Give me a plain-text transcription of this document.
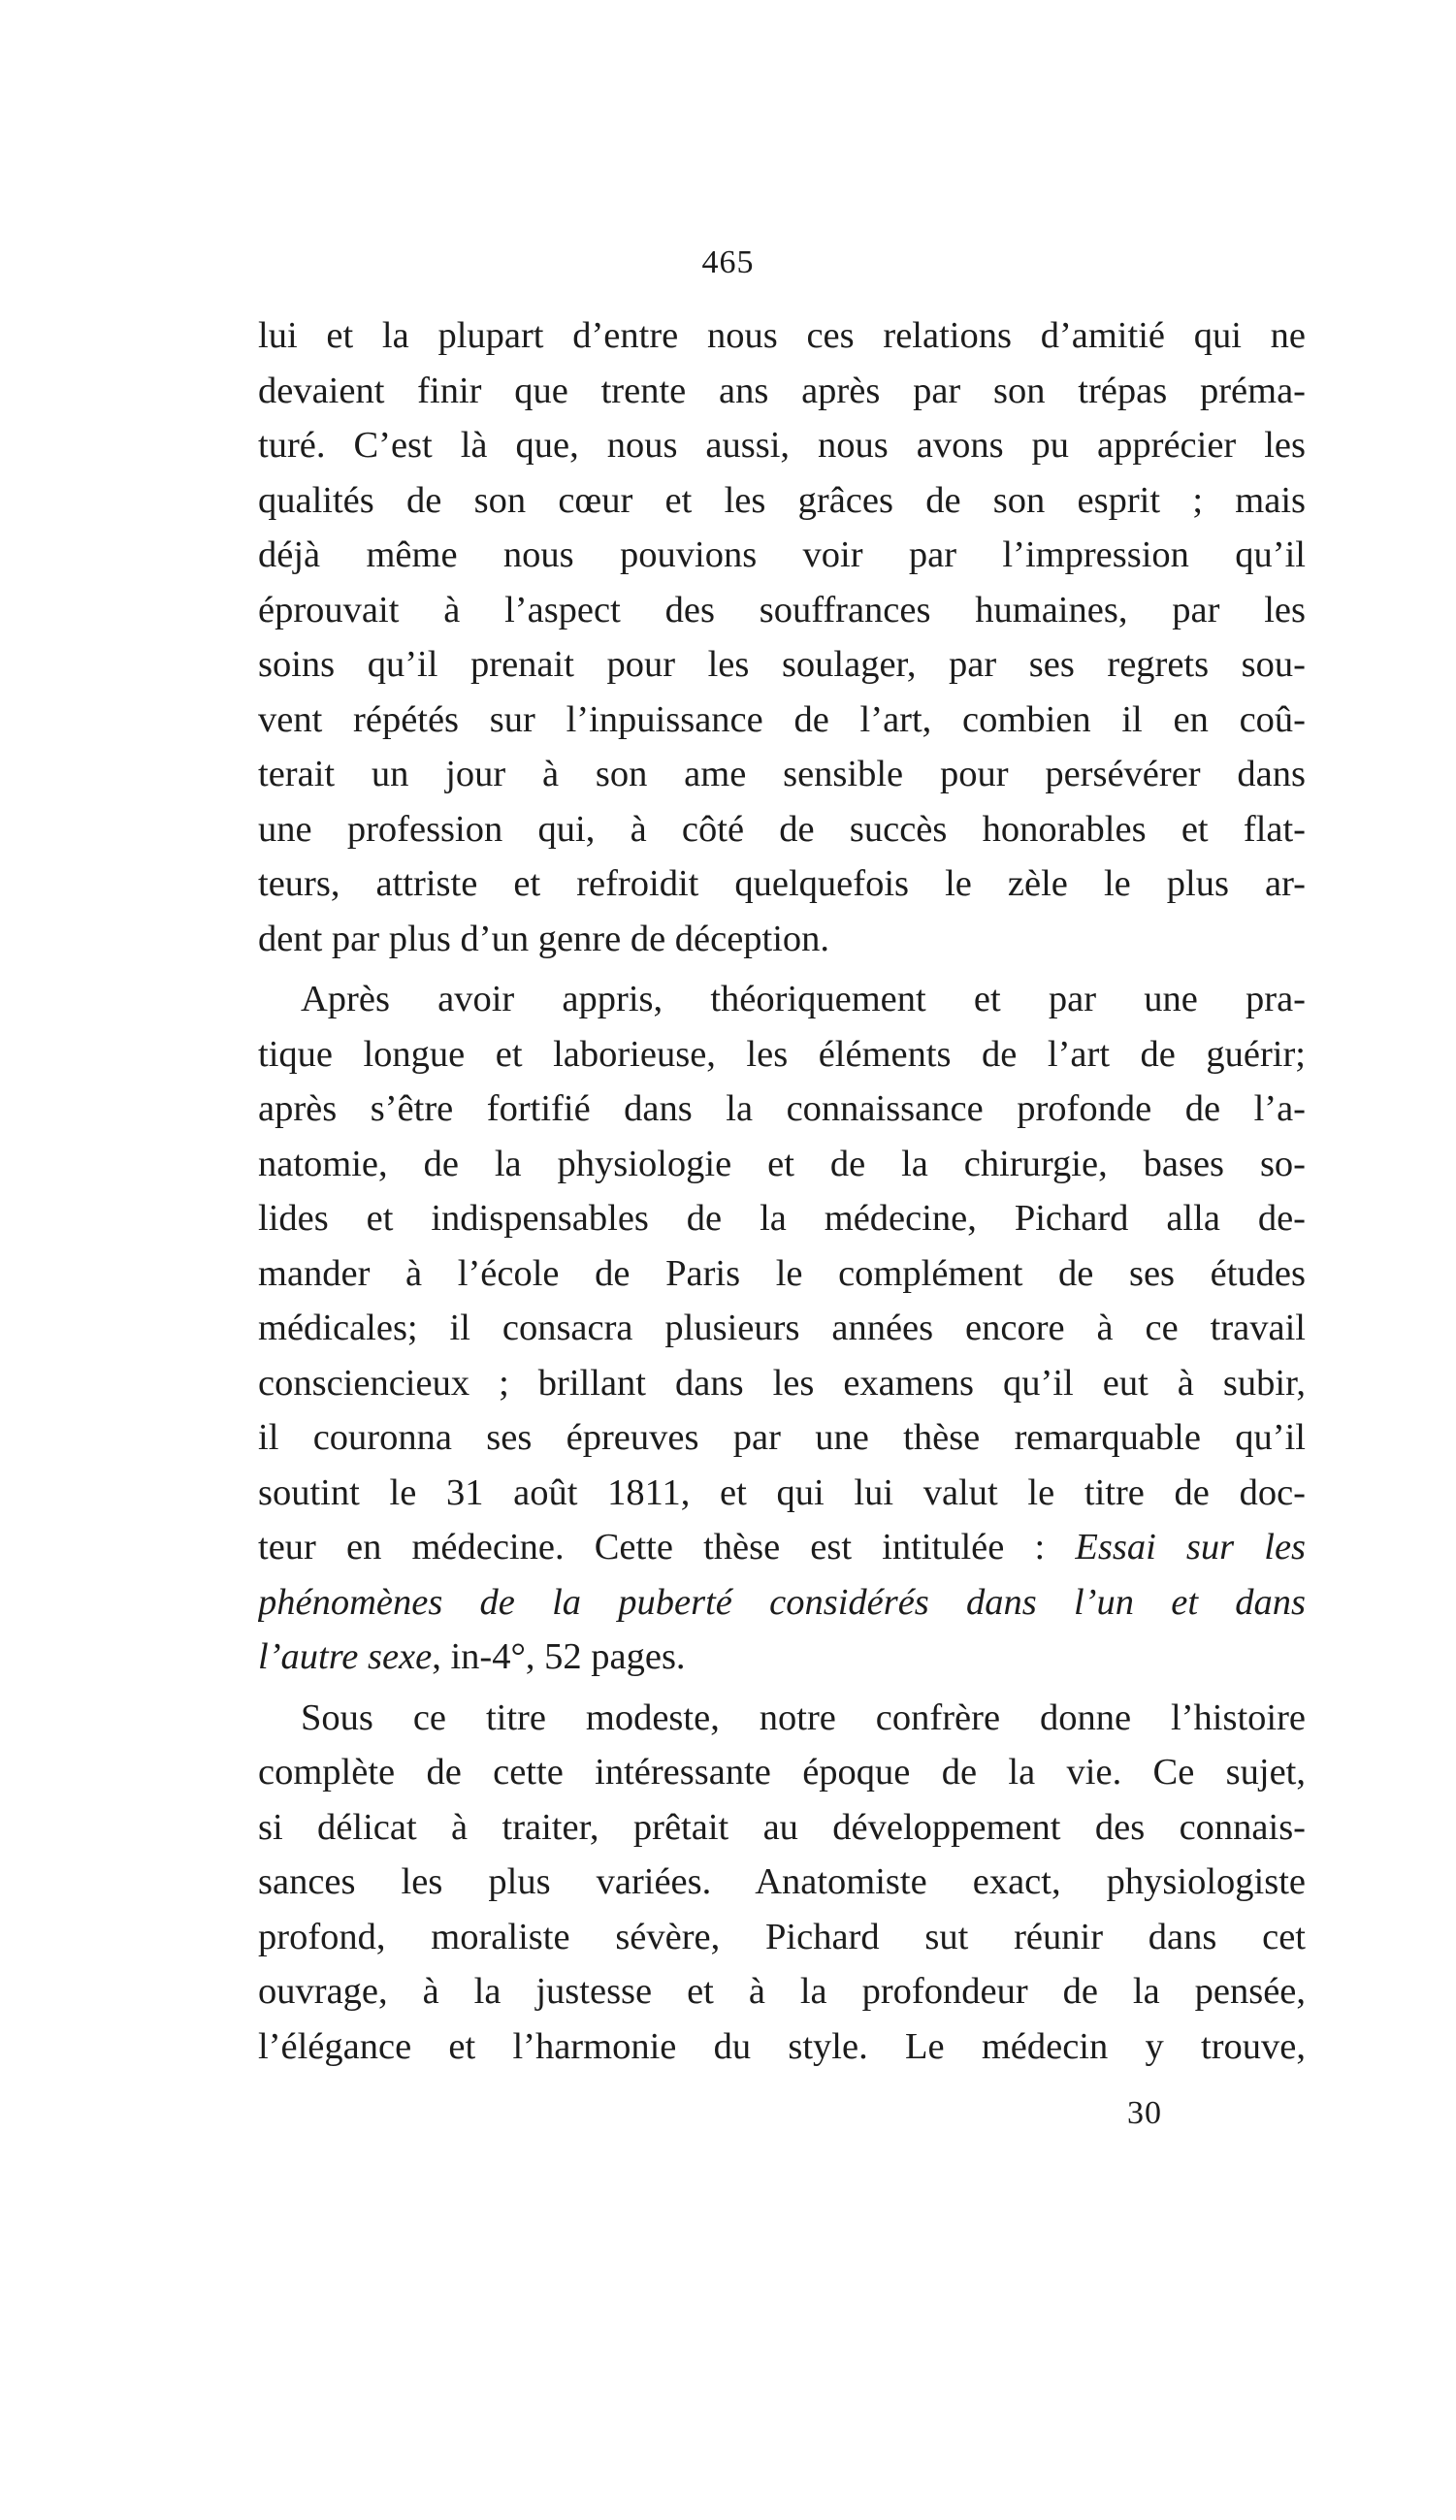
465
lui et la plupart d’entre nous ces relations d’amitié qui ne
devaient finir que trente ans après par son trépas préma-
turé. C’est là que, nous aussi, nous avons pu apprécier les
qualités de son cœur et les grâces de son esprit ; mais
déjà même nous pouvions voir par l’impression qu’il
éprouvait à l’aspect des souffrances humaines, par les
soins qu’il prenait pour les soulager, par ses regrets sou-
vent répétés sur l’inpuissance de l’art, combien il en coû-
terait un jour à son ame sensible pour persévérer dans
une profession qui, à côté de succès honorables et flat-
teurs, attriste et refroidit quelquefois le zèle le plus ar-
dent par plus d’un genre de déception.
Après avoir appris, théoriquement et par une pra-
tique longue et laborieuse, les éléments de l’art de guérir;
après s’être fortifié dans la connaissance profonde de l’a-
natomie, de la physiologie et de la chirurgie, bases so-
lides et indispensables de la médecine, Pichard alla de-
mander à l’école de Paris le complément de ses études
médicales; il consacra plusieurs années encore à ce travail
consciencieux ; brillant dans les examens qu’il eut à subir,
il couronna ses épreuves par une thèse remarquable qu’il
soutint le 31 août 1811, et qui lui valut le titre de doc-
teur en médecine. Cette thèse est intitulée : Essai sur les
phénomènes de la puberté considérés dans l’un et dans
l’autre sexe, in-4°, 52 pages.
Sous ce titre modeste, notre confrère donne l’histoire
complète de cette intéressante époque de la vie. Ce sujet,
si délicat à traiter, prêtait au développement des connais-
sances les plus variées. Anatomiste exact, physiologiste
profond, moraliste sévère, Pichard sut réunir dans cet
ouvrage, à la justesse et à la profondeur de la pensée,
l’élégance et l’harmonie du style. Le médecin y trouve,
30
